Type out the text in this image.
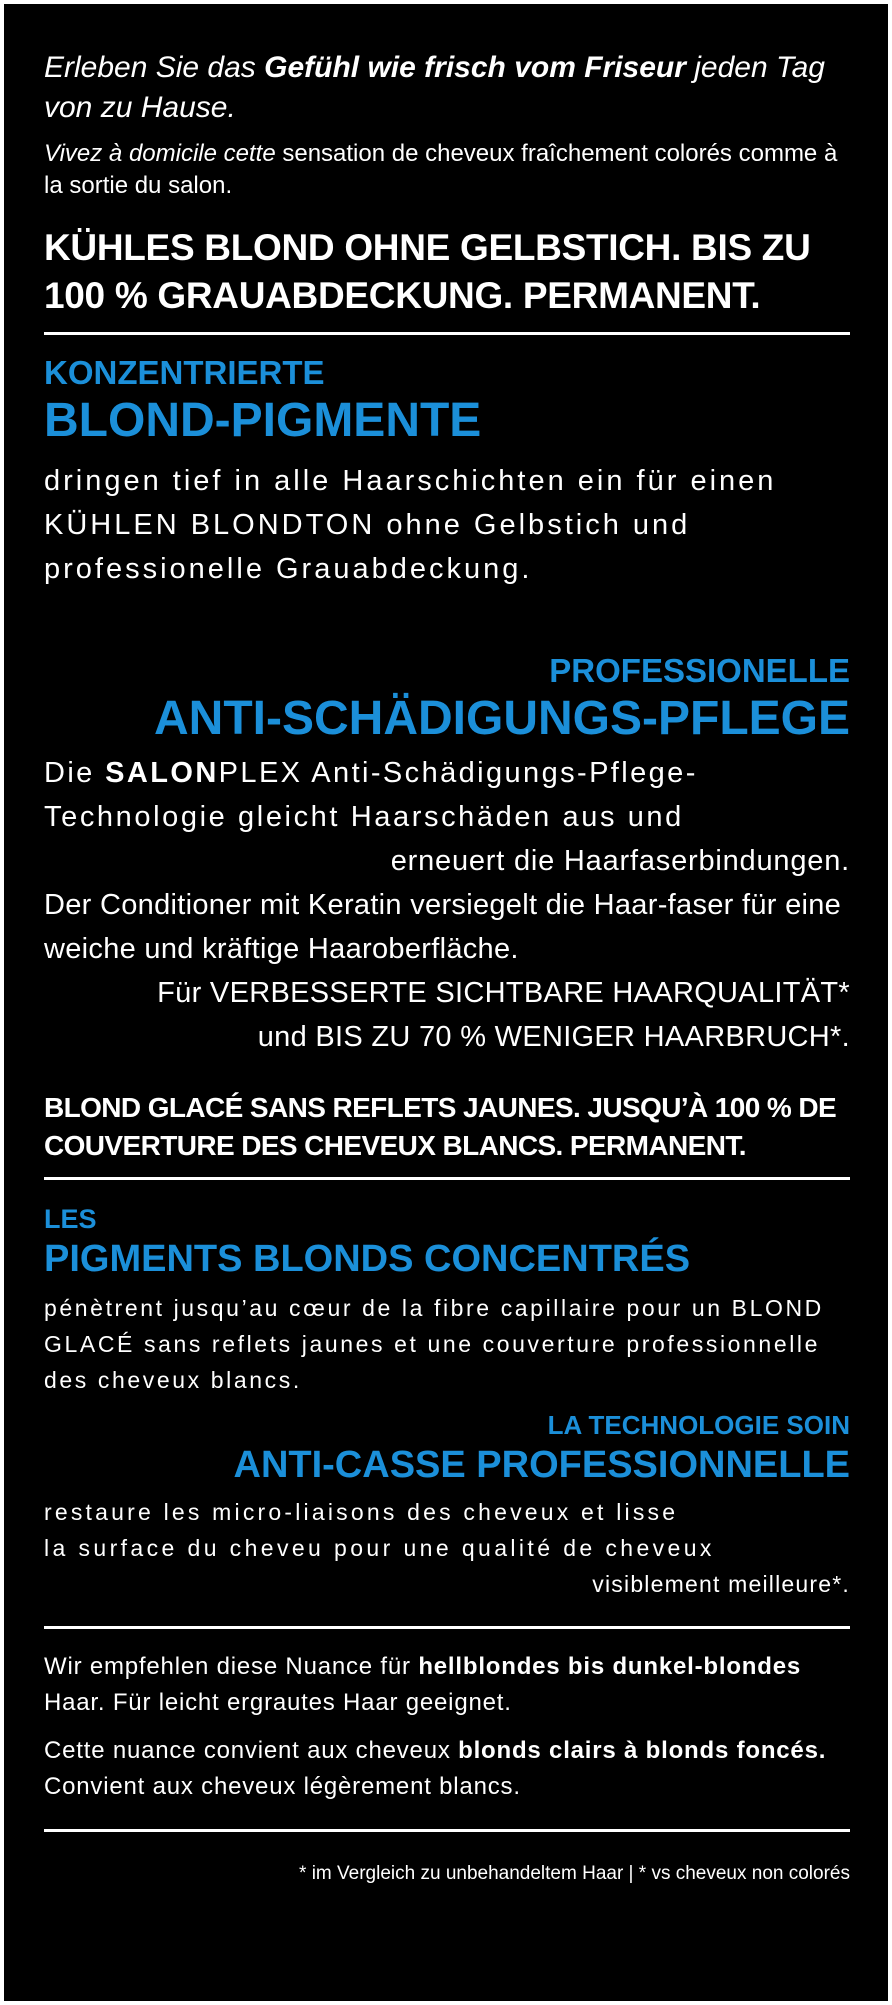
Erleben Sie das Gefühl wie frisch vom Friseur jeden Tag von zu Hause.
Vivez à domicile cette sensation de cheveux fraîchement colorés comme à la sortie du salon.
KÜHLES BLOND OHNE GELBSTICH. BIS ZU 100 % GRAUABDECKUNG. PERMANENT.
KONZENTRIERTE
BLOND-PIGMENTE
dringen tief in alle Haarschichten ein für einen KÜHLEN BLONDTON ohne Gelbstich und professionelle Grauabdeckung.
PROFESSIONELLE
ANTI-SCHÄDIGUNGS-PFLEGE
Die SALONPLEX Anti-Schädigungs-Pflege-
Technologie gleicht Haarschäden aus und
erneuert die Haarfaserbindungen.
Der Conditioner mit Keratin versiegelt die Haar-faser für eine weiche und kräftige Haaroberfläche.
Für VERBESSERTE SICHTBARE HAARQUALITÄT*
und BIS ZU 70 % WENIGER HAARBRUCH*.
BLOND GLACÉ SANS REFLETS JAUNES. JUSQU’À 100 % DE COUVERTURE DES CHEVEUX BLANCS. PERMANENT.
LES
PIGMENTS BLONDS CONCENTRÉS
pénètrent jusqu’au cœur de la fibre capillaire pour un BLOND GLACÉ sans reflets jaunes et une couverture professionnelle des cheveux blancs.
LA TECHNOLOGIE SOIN
ANTI-CASSE PROFESSIONNELLE
restaure les micro-liaisons des cheveux et lisse
la surface du cheveu pour une qualité de cheveux
visiblement meilleure*.
Wir empfehlen diese Nuance für hellblondes bis dunkel-blondes Haar. Für leicht ergrautes Haar geeignet.
Cette nuance convient aux cheveux blonds clairs à blonds foncés. Convient aux cheveux légèrement blancs.
* im Vergleich zu unbehandeltem Haar | * vs cheveux non colorés
